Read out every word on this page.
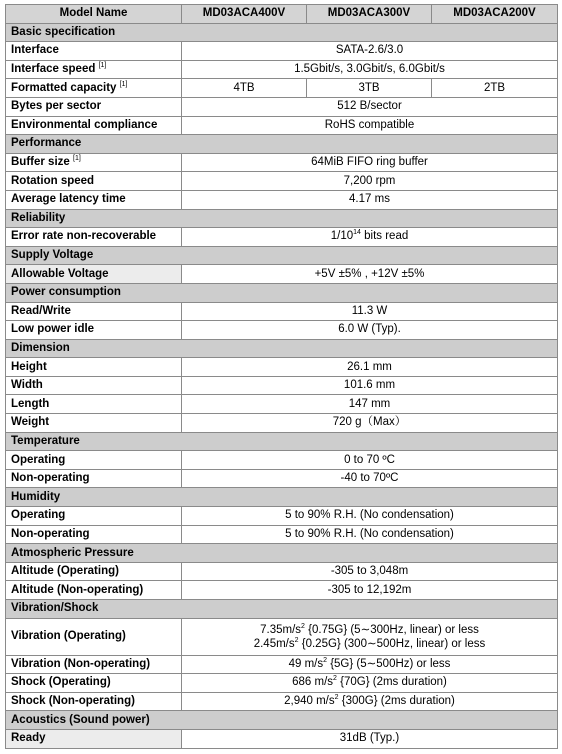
Model Name	MD03ACA400V	MD03ACA300V	MD03ACA200V
Basic specification			
Interface	SATA-2.6/3.0		
Interface speed [1]	1.5Gbit/s, 3.0Gbit/s, 6.0Gbit/s		
Formatted capacity [1]	4TB	3TB	2TB
Bytes per sector	512 B/sector		
Environmental compliance	RoHS compatible		
Performance			
Buffer size [1]	64MiB FIFO ring buffer		
Rotation speed	7,200 rpm		
Average latency time	4.17 ms		
Reliability			
Error rate non-recoverable	$1/10^{14}$ bits read		
Supply Voltage			
Allowable Voltage	+5V ±5% , +12V ±5%		
Power consumption			
Read/Write	11.3 W		
Low power idle	6.0 W (Typ).		
Dimension			
Height	26.1 mm		
Width	101.6 mm		
Length	147 mm		
Weight	720 g（Max）		
Temperature			
Operating	0 to 70 ºC		
Non-operating	-40 to 70ºC		
Humidity			
Operating	5 to 90% R.H. (No condensation)		
Non-operating	5 to 90% R.H. (No condensation)		
Atmospheric Pressure			
Altitude (Operating)	-305 to 3,048m		
Altitude (Non-operating)	-305 to 12,192m		
Vibration/Shock			
Vibration (Operating)	$7.35m/s^2$ {0.75G} (5∼300Hz, linear) or less
$2.45m/s^2$ {0.25G} (300∼500Hz, linear) or less		

Vibration (Non-operating)	49 $m/s^2$ {5G} (5∼500Hz) or less		
Shock (Operating)	686 $m/s^2$ {70G} (2ms duration)		
Shock (Non-operating)	2,940 $m/s^2$ {300G} (2ms duration)		
Acoustics (Sound power)			
Ready	31dB (Typ.)		
